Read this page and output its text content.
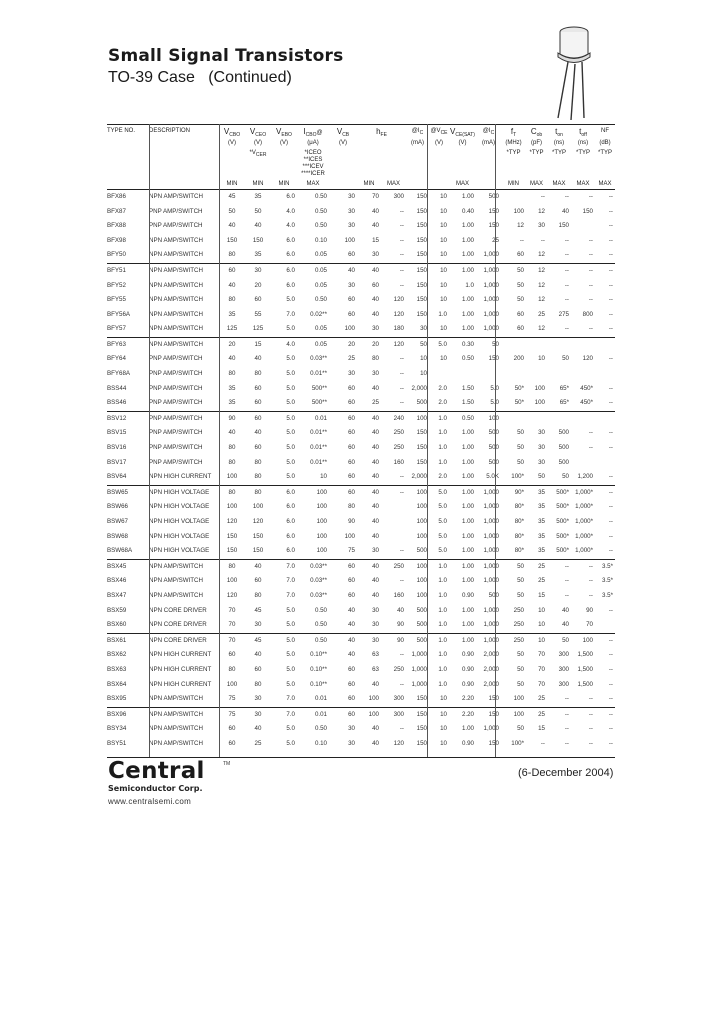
Small Signal Transistors
TO-39 Case (Continued)
TYPE NO.	DESCRIPTION	$V_{CBO}$	$V_{CEO}$	$V_{EBO}$	$I_{CBO}@$	$V_{CB}$	$h_{FE}$		$@I_C$	$@V_{CE}$	$V_{CE(SAT)}$	$@I_C$	$f_T$	$C_{ob}$	$t_{on}$	$t_{off}$	NF
		(V)	(V)	(V)	(μA)	(V)			(mA)	(V)	(V)	(mA)	(MHz)	(pF)	(ns)	(ns)	(dB)
			$*V_{CER}$		*ICEO
**ICES
***ICEV
****ICER								*TYP	*TYP	*TYP	*TYP	*TYP
		MIN	MIN	MIN	MAX		MIN	MAX			MAX		MIN	MAX	MAX	MAX	MAX
BFX86	NPN AMP/SWITCH	45	35	6.0	0.50	30	70	300	150	10	1.00	500		--	--	--	--
BFX87	PNP AMP/SWITCH	50	50	4.0	0.50	30	40	--	150	10	0.40	150	100	12	40	150	--
BFX88	PNP AMP/SWITCH	40	40	4.0	0.50	30	40	--	150	10	1.00	150	12	30	150		--
BFX98	NPN AMP/SWITCH	150	150	6.0	0.10	100	15	--	150	10	1.00	25	--	--	--	--	--
BFY50	NPN AMP/SWITCH	80	35	6.0	0.05	60	30	--	150	10	1.00	1,000	60	12	--	--	--
BFY51	NPN AMP/SWITCH	60	30	6.0	0.05	40	40	--	150	10	1.00	1,000	50	12	--	--	--
BFY52	NPN AMP/SWITCH	40	20	6.0	0.05	30	60	--	150	10	1.0	1,000	50	12	--	--	--
BFY55	NPN AMP/SWITCH	80	60	5.0	0.50	60	40	120	150	10	1.00	1,000	50	12	--	--	--
BFY56A	NPN AMP/SWITCH	35	55	7.0	0.02**	60	40	120	150	1.0	1.00	1,000	60	25	275	800	--
BFY57	NPN AMP/SWITCH	125	125	5.0	0.05	100	30	180	30	10	1.00	1,000	60	12	--	--	--
BFY63	NPN AMP/SWITCH	20	15	4.0	0.05	20	20	120	50	5.0	0.30	50					
BFY64	PNP AMP/SWITCH	40	40	5.0	0.03**	25	80	--	10	10	0.50	150	200	10	50	120	--
BFY68A	PNP AMP/SWITCH	80	80	5.0	0.01**	30	30	--	10								
BSS44	PNP AMP/SWITCH	35	60	5.0	500**	60	40	--	2,000	2.0	1.50	5.0	50*	100	65*	450*	--
BSS46	PNP AMP/SWITCH	35	60	5.0	500**	60	25	--	500	2.0	1.50	5.0	50*	100	65*	450*	--
BSV12	PNP AMP/SWITCH	90	60	5.0	0.01	60	40	240	100	1.0	0.50	100					
BSV15	PNP AMP/SWITCH	40	40	5.0	0.01**	60	40	250	150	1.0	1.00	500	50	30	500	--	--
BSV16	PNP AMP/SWITCH	80	60	5.0	0.01**	60	40	250	150	1.0	1.00	500	50	30	500	--	--
BSV17	PNP AMP/SWITCH	80	80	5.0	0.01**	60	40	160	150	1.0	1.00	500	50	30	500		
BSV64	NPN HIGH CURRENT	100	80	5.0	10	60	40	--	2,000	2.0	1.00	5.0K	100*	50	50	1,200	--
BSW65	NPN HIGH VOLTAGE	80	80	6.0	100	60	40	--	100	5.0	1.00	1,000	90*	35	500*	1,000*	--
BSW66	NPN HIGH VOLTAGE	100	100	6.0	100	80	40		100	5.0	1.00	1,000	80*	35	500*	1,000*	--
BSW67	NPN HIGH VOLTAGE	120	120	6.0	100	90	40		100	5.0	1.00	1,000	80*	35	500*	1,000*	--
BSW68	NPN HIGH VOLTAGE	150	150	6.0	100	100	40		100	5.0	1.00	1,000	80*	35	500*	1,000*	--
BSW68A	NPN HIGH VOLTAGE	150	150	6.0	100	75	30	--	500	5.0	1.00	1,000	80*	35	500*	1,000*	--
BSX45	NPN AMP/SWITCH	80	40	7.0	0.03**	60	40	250	100	1.0	1.00	1,000	50	25	--	--	3.5*
BSX46	NPN AMP/SWITCH	100	60	7.0	0.03**	60	40	--	100	1.0	1.00	1,000	50	25	--	--	3.5*
BSX47	NPN AMP/SWITCH	120	80	7.0	0.03**	60	40	160	100	1.0	0.90	500	50	15	--	--	3.5*
BSX59	NPN CORE DRIVER	70	45	5.0	0.50	40	30	40	500	1.0	1.00	1,000	250	10	40	90	--
BSX60	NPN CORE DRIVER	70	30	5.0	0.50	40	30	90	500	1.0	1.00	1,000	250	10	40	70	
BSX61	NPN CORE DRIVER	70	45	5.0	0.50	40	30	90	500	1.0	1.00	1,000	250	10	50	100	--
BSX62	NPN HIGH CURRENT	60	40	5.0	0.10**	40	63	--	1,000	1.0	0.90	2,000	50	70	300	1,500	--
BSX63	NPN HIGH CURRENT	80	60	5.0	0.10**	60	63	250	1,000	1.0	0.90	2,000	50	70	300	1,500	--
BSX64	NPN HIGH CURRENT	100	80	5.0	0.10**	60	40	--	1,000	1.0	0.90	2,000	50	70	300	1,500	--
BSX95	NPN AMP/SWITCH	75	30	7.0	0.01	60	100	300	150	10	2.20	150	100	25	--	--	--
BSX96	NPN AMP/SWITCH	75	30	7.0	0.01	60	100	300	150	10	2.20	150	100	25	--	--	--
BSY34	NPN AMP/SWITCH	60	40	5.0	0.50	30	40	--	150	10	1.00	1,000	50	15	--	--	--
BSY51	NPN AMP/SWITCH	60	25	5.0	0.10	30	40	120	150	10	0.90	150	100*	--	--	--	--
Central	TM
Semiconductor Corp.
www.centralsemi.com
(6-December 2004)
